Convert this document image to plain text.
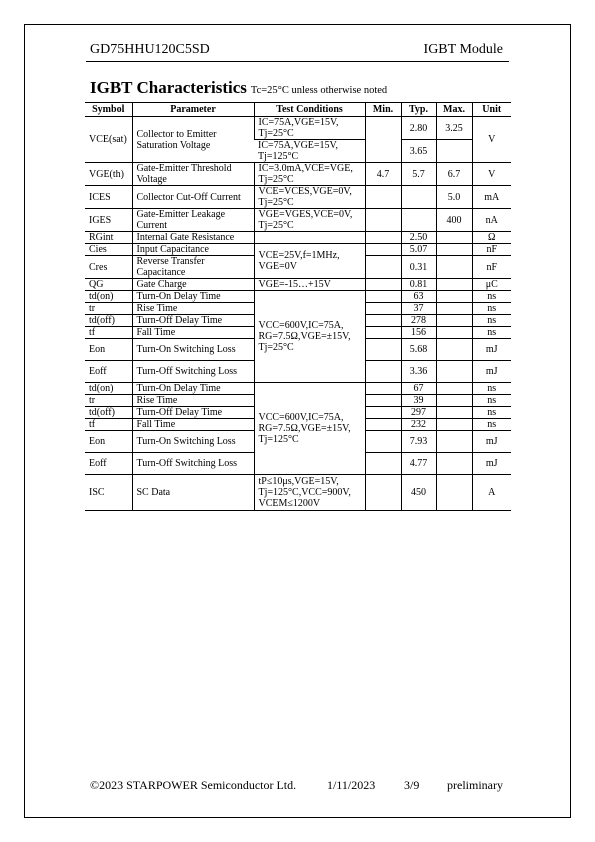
GD75HHU120C5SD	IGBT Module
IGBT Characteristics Tc=25°C unless otherwise noted
Symbol	Parameter	Test Conditions	Min.	Typ.	Max.	Unit
VCE(sat)	Collector to Emitter Saturation Voltage	IC=75A,VGE=15V, Tj=25°C		2.80	3.25	V
		IC=75A,VGE=15V, Tj=125°C		3.65		
VGE(th)	Gate-Emitter Threshold Voltage	IC=3.0mA,VCE=VGE, Tj=25°C	4.7	5.7	6.7	V
ICES	Collector Cut-Off Current	VCE=VCES,VGE=0V, Tj=25°C			5.0	mA
IGES	Gate-Emitter Leakage Current	VGE=VGES,VCE=0V, Tj=25°C			400	nA
RGint	Internal Gate Resistance			2.50		Ω
Cies	Input Capacitance	VCE=25V,f=1MHz, VGE=0V		5.07		nF
Cres	Reverse Transfer Capacitance			0.31		nF
QG	Gate Charge	VGE=-15…+15V		0.81		μC
td(on)	Turn-On Delay Time	VCC=600V,IC=75A, RG=7.5Ω,VGE=±15V, Tj=25°C		63		ns
tr	Rise Time			37		ns
td(off)	Turn-Off Delay Time			278		ns
tf	Fall Time			156		ns
Eon	Turn-On Switching Loss			5.68		mJ
Eoff	Turn-Off Switching Loss			3.36		mJ
td(on)	Turn-On Delay Time	VCC=600V,IC=75A, RG=7.5Ω,VGE=±15V, Tj=125°C		67		ns
tr	Rise Time			39		ns
td(off)	Turn-Off Delay Time			297		ns
tf	Fall Time			232		ns
Eon	Turn-On Switching Loss			7.93		mJ
Eoff	Turn-Off Switching Loss			4.77		mJ
ISC	SC Data	tP≤10μs,VGE=15V, Tj=125°C,VCC=900V, VCEM≤1200V		450		A
©2023 STARPOWER Semiconductor Ltd.	1/11/2023 3/9 preliminary
